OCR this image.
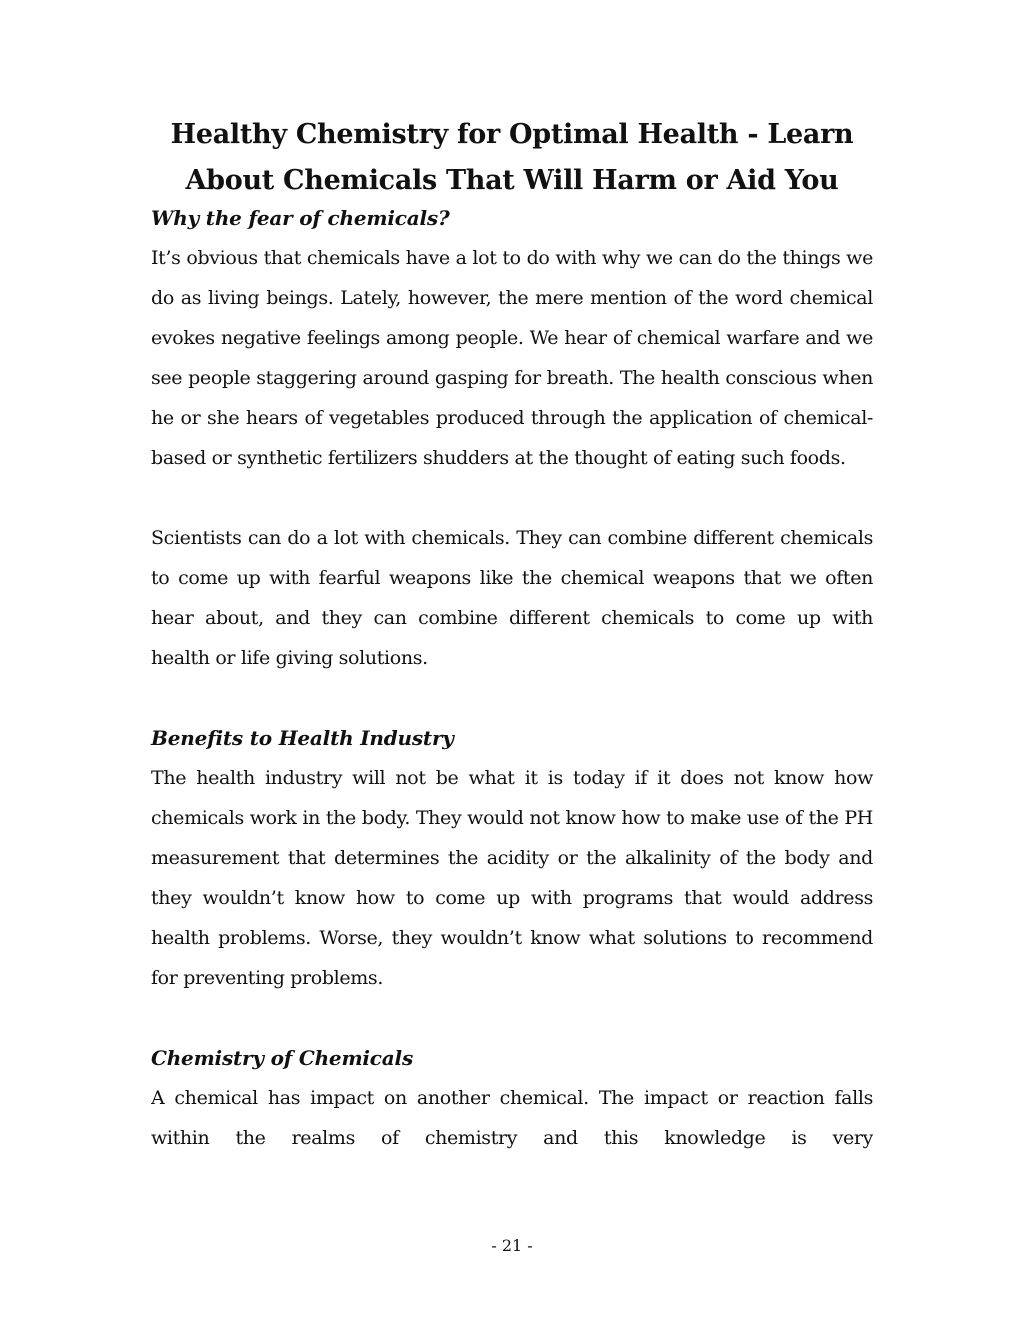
Healthy Chemistry for Optimal Health - Learn About Chemicals That Will Harm or Aid You
Why the fear of chemicals?

It’s obvious that chemicals have a lot to do with why we can do the things we do as living beings. Lately, however, the mere mention of the word chemical evokes negative feelings among people. We hear of chemical warfare and we see people staggering around gasping for breath. The health conscious when he or she hears of vegetables produced through the application of chemical-based or synthetic fertilizers shudders at the thought of eating such foods.

Scientists can do a lot with chemicals. They can combine different chemicals to come up with fearful weapons like the chemical weapons that we often hear about, and they can combine different chemicals to come up with health or life giving solutions.

Benefits to Health Industry

The health industry will not be what it is today if it does not know how chemicals work in the body. They would not know how to make use of the PH measurement that determines the acidity or the alkalinity of the body and they wouldn’t know how to come up with programs that would address health problems. Worse, they wouldn’t know what solutions to recommend for preventing problems.

Chemistry of Chemicals

A chemical has impact on another chemical. The impact or reaction falls within the realms of chemistry and this knowledge is very

- 21 -
